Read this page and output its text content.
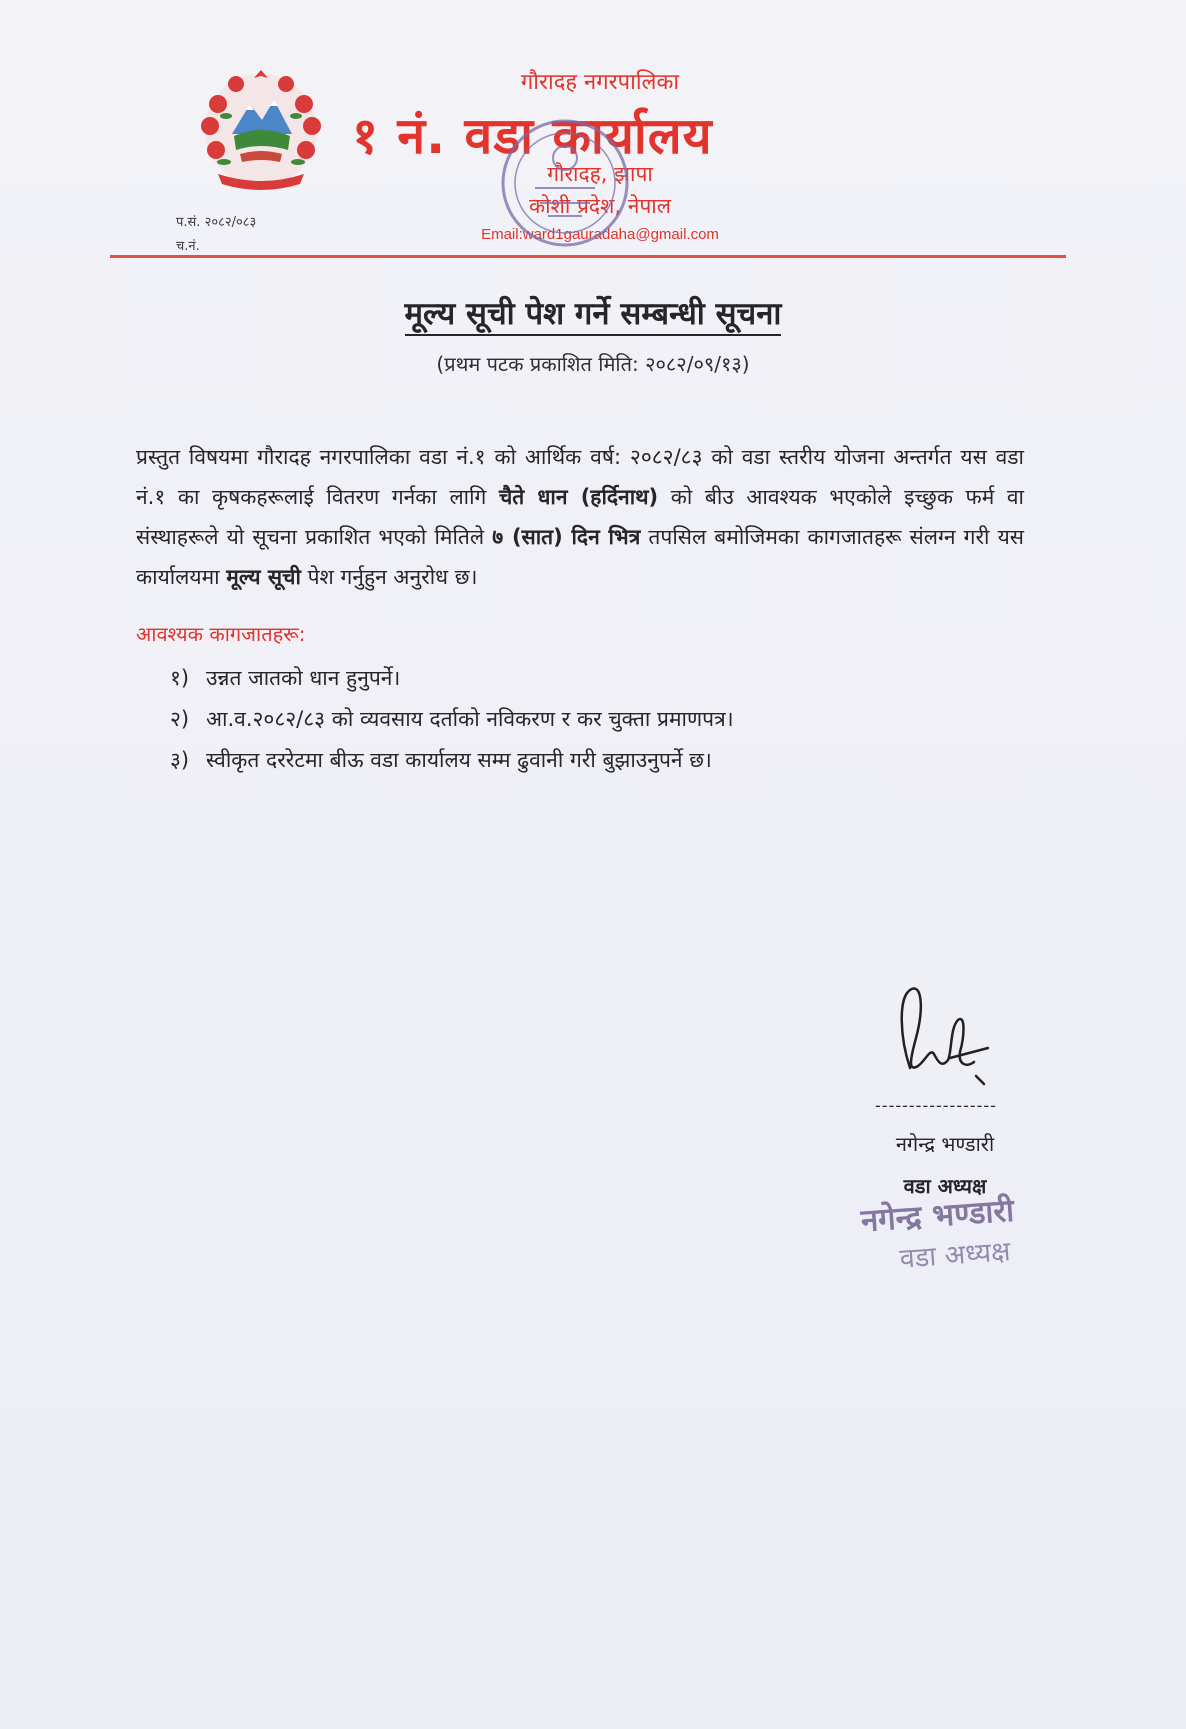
गौरादह नगरपालिका
१ नं. वडा कार्यालय
गौरादह, झापा
कोशी प्रदेश, नेपाल
Email:ward1gauradaha@gmail.com
प.सं. २०८२/०८३
च.नं.
मूल्य सूची पेश गर्ने सम्बन्धी सूचना
(प्रथम पटक प्रकाशित मिति: २०८२/०९/१३)

प्रस्तुत विषयमा गौरादह नगरपालिका वडा नं.१ को आर्थिक वर्ष: २०८२/८३ को वडा स्तरीय योजना अन्तर्गत यस वडा नं.१ का कृषकहरूलाई वितरण गर्नका लागि चैते धान (हर्दिनाथ) को बीउ आवश्यक भएकोले इच्छुक फर्म वा संस्थाहरूले यो सूचना प्रकाशित भएको मितिले ७ (सात) दिन भित्र तपसिल बमोजिमका कागजातहरू संलग्न गरी यस कार्यालयमा मूल्य सूची पेश गर्नुहुन अनुरोध छ।

आवश्यक कागजातहरू:
१) उन्नत जातको धान हुनुपर्ने।
२) आ.व.२०८२/८३ को व्यवसाय दर्ताको नविकरण र कर चुक्ता प्रमाणपत्र।
३) स्वीकृत दररेटमा बीऊ वडा कार्यालय सम्म ढुवानी गरी बुझाउनुपर्ने छ।
------------------
नगेन्द्र भण्डारी
वडा अध्यक्ष
नगेन्द्र भण्डारी
वडा अध्यक्ष
